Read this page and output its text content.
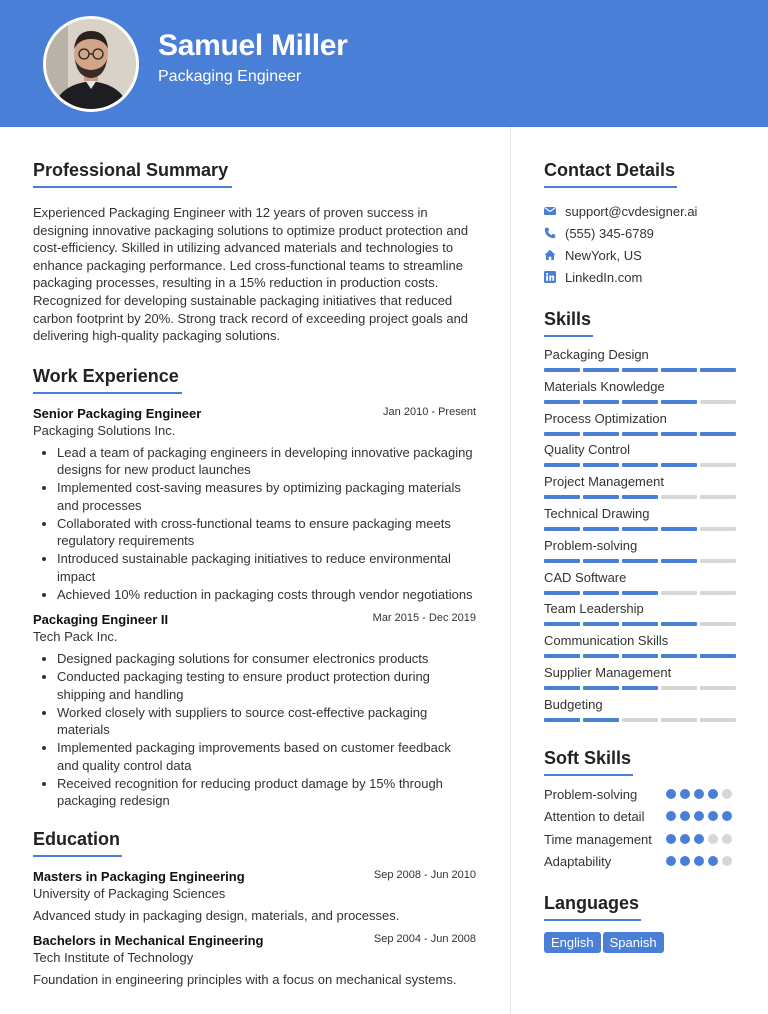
Samuel Miller
Packaging Engineer
Professional Summary
Experienced Packaging Engineer with 12 years of proven success in designing innovative packaging solutions to optimize product protection and cost-efficiency. Skilled in utilizing advanced materials and technologies to enhance packaging performance. Led cross-functional teams to streamline packaging processes, resulting in a 15% reduction in production costs. Recognized for developing sustainable packaging initiatives that reduced carbon footprint by 20%. Strong track record of exceeding project goals and delivering high-quality packaging solutions.
Work Experience
Senior Packaging Engineer	Jan 2010 - Present
Packaging Solutions Inc.
• Lead a team of packaging engineers in developing innovative packaging designs for new product launches
• Implemented cost-saving measures by optimizing packaging materials and processes
• Collaborated with cross-functional teams to ensure packaging meets regulatory requirements
• Introduced sustainable packaging initiatives to reduce environmental impact
• Achieved 10% reduction in packaging costs through vendor negotiations
Packaging Engineer II	Mar 2015 - Dec 2019
Tech Pack Inc.
• Designed packaging solutions for consumer electronics products
• Conducted packaging testing to ensure product protection during shipping and handling
• Worked closely with suppliers to source cost-effective packaging materials
• Implemented packaging improvements based on customer feedback and quality control data
• Received recognition for reducing product damage by 15% through packaging redesign
Education
Masters in Packaging Engineering	Sep 2008 - Jun 2010
University of Packaging Sciences
Advanced study in packaging design, materials, and processes.
Bachelors in Mechanical Engineering	Sep 2004 - Jun 2008
Tech Institute of Technology
Foundation in engineering principles with a focus on mechanical systems.
Contact Details
support@cvdesigner.ai
(555) 345-6789
NewYork, US
LinkedIn.com
Skills
Packaging Design
Materials Knowledge
Process Optimization
Quality Control
Project Management
Technical Drawing
Problem-solving
CAD Software
Team Leadership
Communication Skills
Supplier Management
Budgeting
Soft Skills
Problem-solving
Attention to detail
Time management
Adaptability
Languages
English Spanish
